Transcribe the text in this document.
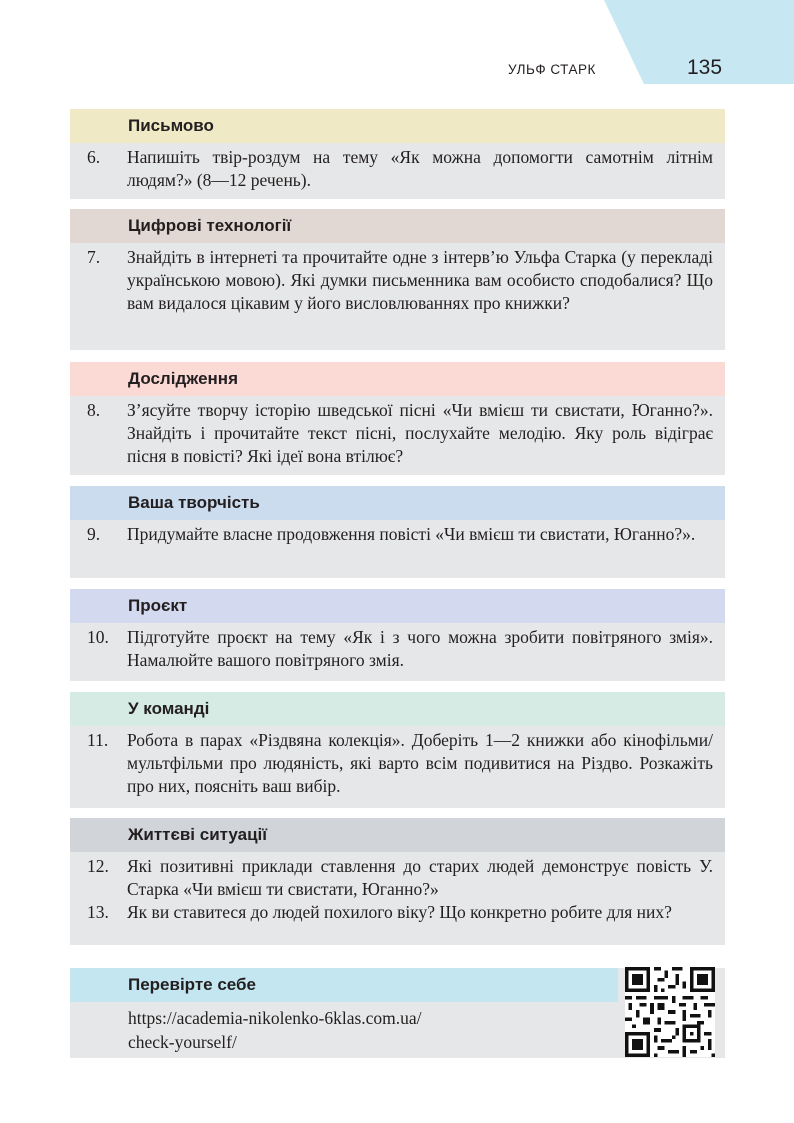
УЛЬФ СТАРК	135
Письмово
6.	Напишіть твір-роздум на тему «Як можна допомогти самотнім літнім людям?» (8—12 речень).
Цифрові технології
7.	Знайдіть в інтернеті та прочитайте одне з інтерв’ю Ульфа Старка (у перекладі українською мовою). Які думки письменника вам особисто сподобалися? Що вам видалося цікавим у його висловлюваннях про книжки?
Дослідження
8.	З’ясуйте творчу історію шведської пісні «Чи вмієш ти свистати, Юганно?». Знайдіть і прочитайте текст пісні, послухайте мелодію. Яку роль відіграє пісня в повісті? Які ідеї вона втілює?
Ваша творчість
9.	Придумайте власне продовження повісті «Чи вмієш ти свистати, Юганно?».
Проєкт
10.	Підготуйте проєкт на тему «Як і з чого можна зробити повітряного змія». Намалюйте вашого повітряного змія.
У команді
11.	Робота в парах «Різдвяна колекція». Доберіть 1—2 книжки або кінофільми/мультфільми про людяність, які варто всім подивитися на Різдво. Розкажіть про них, поясніть ваш вибір.
Життєві ситуації
12.	Які позитивні приклади ставлення до старих людей демонструє повість У. Старка «Чи вмієш ти свистати, Юганно?»
13.	Як ви ставитеся до людей похилого віку? Що конкретно робите для них?
Перевірте себе
https://academia-nikolenko-6klas.com.ua/
check-yourself/
